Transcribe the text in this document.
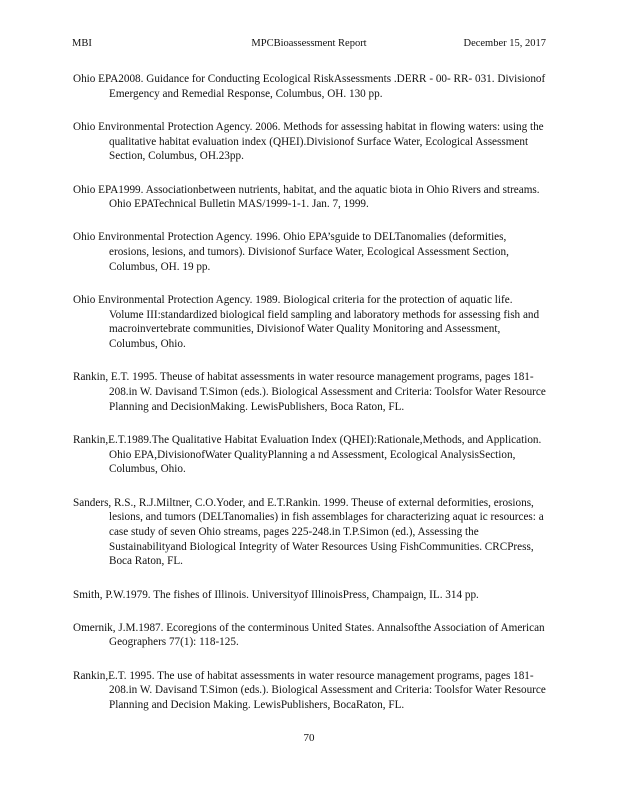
MBI	MPCBioassessment Report	December 15, 2017

Ohio EPA2008. Guidance for Conducting Ecological RiskAssessments .DERR - 00- RR- 031. Divisionof Emergency and Remedial Response, Columbus, OH. 130 pp.

Ohio Environmental Protection Agency. 2006. Methods for assessing habitat in flowing waters: using the qualitative habitat evaluation index (QHEI).Divisionof Surface Water, Ecological Assessment Section, Columbus, OH.23pp.

Ohio EPA1999. Associationbetween nutrients, habitat, and the aquatic biota in Ohio Rivers and streams. Ohio EPATechnical Bulletin MAS/1999-1-1. Jan. 7, 1999.

Ohio Environmental Protection Agency. 1996. Ohio EPA’sguide to DELTanomalies (deformities, erosions, lesions, and tumors). Divisionof Surface Water, Ecological Assessment Section, Columbus, OH. 19 pp.

Ohio Environmental Protection Agency. 1989. Biological criteria for the protection of aquatic life. Volume III:standardized biological field sampling and laboratory methods for assessing fish and macroinvertebrate communities, Divisionof Water Quality Monitoring and Assessment, Columbus, Ohio.

Rankin, E.T. 1995. Theuse of habitat assessments in water resource management programs, pages 181-208.in W. Davisand T.Simon (eds.). Biological Assessment and Criteria: Toolsfor Water Resource Planning and DecisionMaking. LewisPublishers, Boca Raton, FL.

Rankin,E.T.1989.The Qualitative Habitat Evaluation Index (QHEI):Rationale,Methods, and Application. Ohio EPA,DivisionofWater QualityPlanning a nd Assessment, Ecological AnalysisSection, Columbus, Ohio.

Sanders, R.S., R.J.Miltner, C.O.Yoder, and E.T.Rankin. 1999. Theuse of external deformities, erosions, lesions, and tumors (DELTanomalies) in fish assemblages for characterizing aquat ic resources: a case study of seven Ohio streams, pages 225-248.in T.P.Simon (ed.), Assessing the Sustainabilityand Biological Integrity of Water Resources Using FishCommunities. CRCPress, Boca Raton, FL.

Smith, P.W.1979. The fishes of Illinois. Universityof IllinoisPress, Champaign, IL. 314 pp.

Omernik, J.M.1987. Ecoregions of the conterminous United States. Annalsofthe Association of American Geographers 77(1): 118-125.

Rankin,E.T. 1995. The use of habitat assessments in water resource management programs, pages 181-208.in W. Davisand T.Simon (eds.). Biological Assessment and Criteria: Toolsfor Water Resource Planning and Decision Making. LewisPublishers, BocaRaton, FL.

70
